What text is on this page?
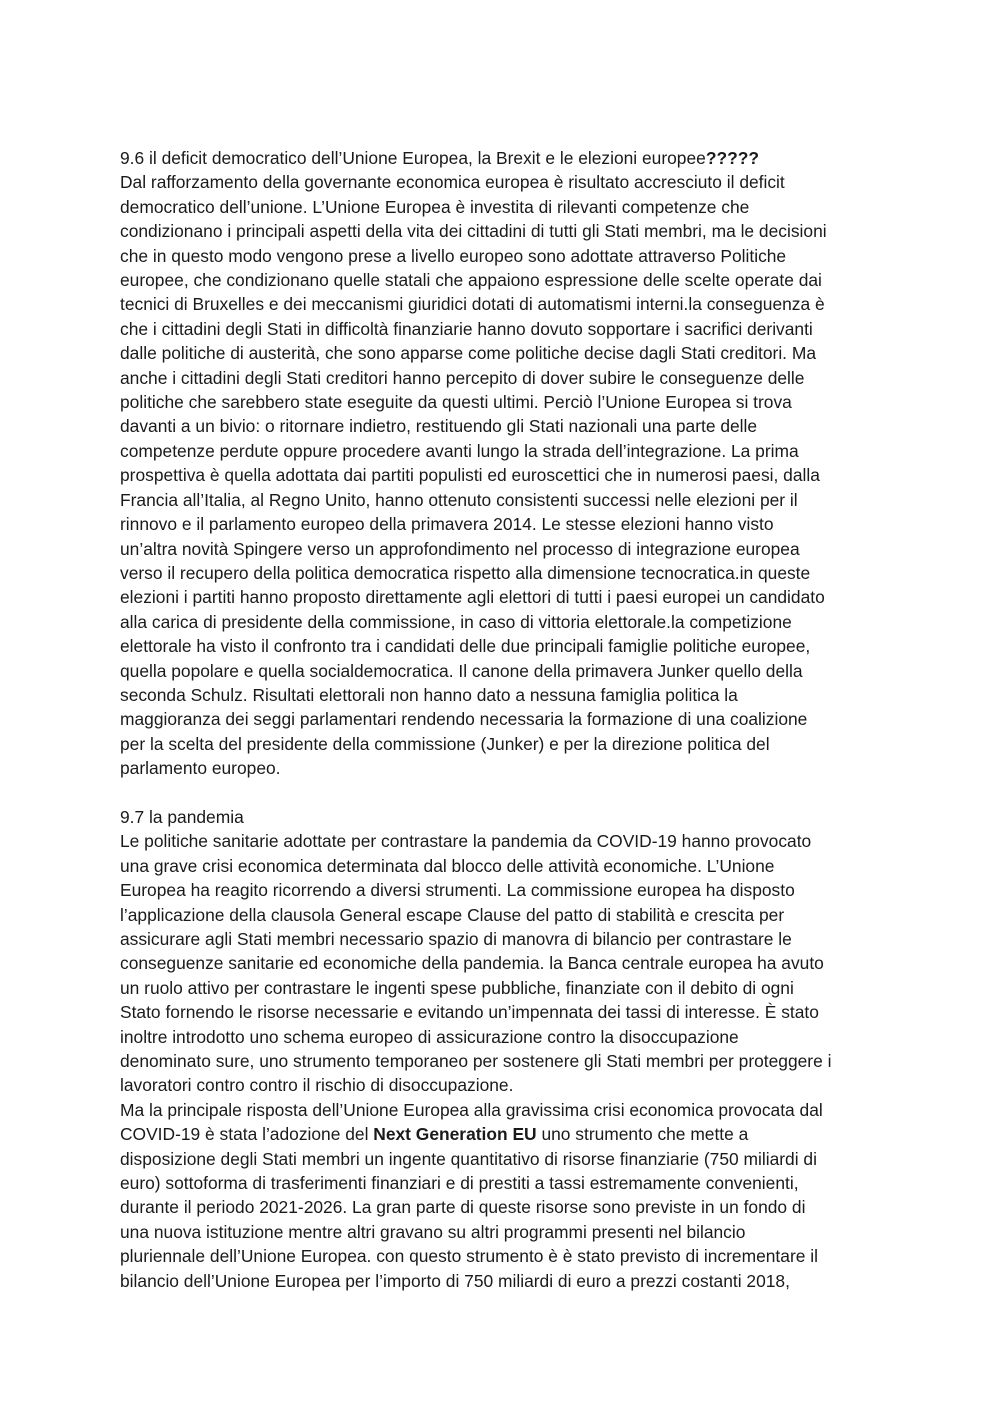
9.6 il deficit democratico dell’Unione Europea, la Brexit e le elezioni europee?????

Dal rafforzamento della governante economica europea è risultato accresciuto il deficit

democratico dell’unione. L’Unione Europea è investita di rilevanti competenze che

condizionano i principali aspetti della vita dei cittadini di tutti gli Stati membri, ma le decisioni

che in questo modo vengono prese a livello europeo sono adottate attraverso Politiche

europee, che condizionano quelle statali che appaiono espressione delle scelte operate dai

tecnici di Bruxelles e dei meccanismi giuridici dotati di automatismi interni.la conseguenza è

che i cittadini degli Stati in difficoltà finanziarie hanno dovuto sopportare i sacrifici derivanti

dalle politiche di austerità, che sono apparse come politiche decise dagli Stati creditori. Ma

anche i cittadini degli Stati creditori hanno percepito di dover subire le conseguenze delle

politiche che sarebbero state eseguite da questi ultimi. Perciò l’Unione Europea si trova

davanti a un bivio: o ritornare indietro, restituendo gli Stati nazionali una parte delle

competenze perdute oppure procedere avanti lungo la strada dell’integrazione. La prima

prospettiva è quella adottata dai partiti populisti ed euroscettici che in numerosi paesi, dalla

Francia all’Italia, al Regno Unito, hanno ottenuto consistenti successi nelle elezioni per il

rinnovo e il parlamento europeo della primavera 2014. Le stesse elezioni hanno visto

un’altra novità Spingere verso un approfondimento nel processo di integrazione europea

verso il recupero della politica democratica rispetto alla dimensione tecnocratica.in queste

elezioni i partiti hanno proposto direttamente agli elettori di tutti i paesi europei un candidato

alla carica di presidente della commissione, in caso di vittoria elettorale.la competizione

elettorale ha visto il confronto tra i candidati delle due principali famiglie politiche europee,

quella popolare e quella socialdemocratica. Il canone della primavera Junker quello della

seconda Schulz. Risultati elettorali non hanno dato a nessuna famiglia politica la

maggioranza dei seggi parlamentari rendendo necessaria la formazione di una coalizione

per la scelta del presidente della commissione (Junker) e per la direzione politica del

parlamento europeo.

9.7 la pandemia

Le politiche sanitarie adottate per contrastare la pandemia da COVID-19 hanno provocato

una grave crisi economica determinata dal blocco delle attività economiche. L’Unione

Europea ha reagito ricorrendo a diversi strumenti. La commissione europea ha disposto

l’applicazione della clausola General escape Clause del patto di stabilità e crescita per

assicurare agli Stati membri necessario spazio di manovra di bilancio per contrastare le

conseguenze sanitarie ed economiche della pandemia. la Banca centrale europea ha avuto

un ruolo attivo per contrastare le ingenti spese pubbliche, finanziate con il debito di ogni

Stato fornendo le risorse necessarie e evitando un’impennata dei tassi di interesse. È stato

inoltre introdotto uno schema europeo di assicurazione contro la disoccupazione

denominato sure, uno strumento temporaneo per sostenere gli Stati membri per proteggere i

lavoratori contro contro il rischio di disoccupazione.

Ma la principale risposta dell’Unione Europea alla gravissima crisi economica provocata dal

COVID-19 è stata l’adozione del Next Generation EU uno strumento che mette a

disposizione degli Stati membri un ingente quantitativo di risorse finanziarie (750 miliardi di

euro) sottoforma di trasferimenti finanziari e di prestiti a tassi estremamente convenienti,

durante il periodo 2021-2026. La gran parte di queste risorse sono previste in un fondo di

una nuova istituzione mentre altri gravano su altri programmi presenti nel bilancio

pluriennale dell’Unione Europea. con questo strumento è è stato previsto di incrementare il

bilancio dell’Unione Europea per l’importo di 750 miliardi di euro a prezzi costanti 2018,
